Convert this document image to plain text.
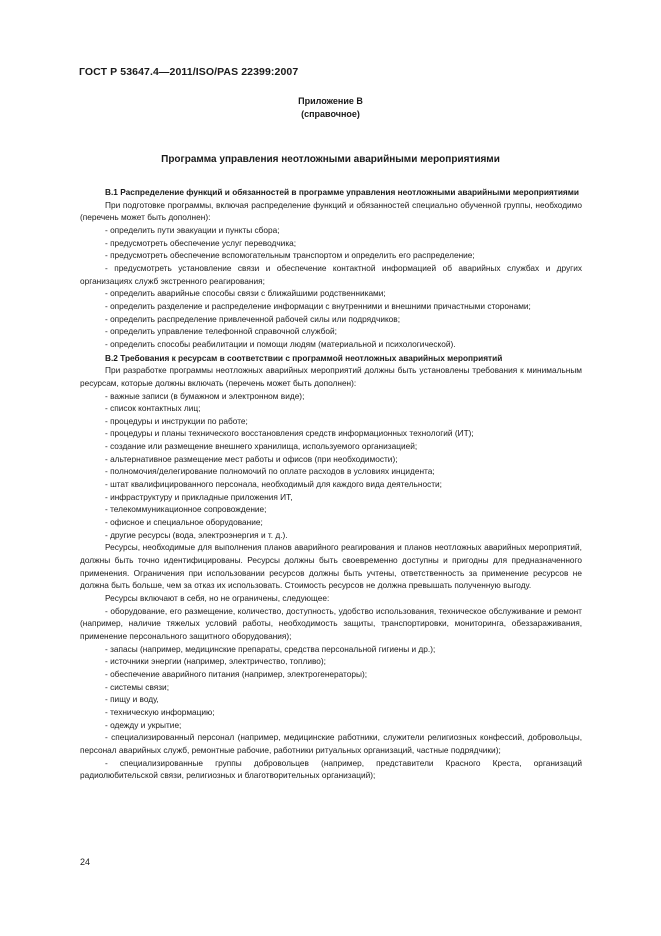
ГОСТ Р 53647.4—2011/ISO/PAS 22399:2007
Приложение В
(справочное)
Программа управления неотложными аварийными мероприятиями

В.1 Распределение функций и обязанностей в программе управления неотложными аварийными мероприятиями

При подготовке программы, включая распределение функций и обязанностей специально обученной группы, необходимо (перечень может быть дополнен):

- определить пути эвакуации и пункты сбора;

- предусмотреть обеспечение услуг переводчика;

- предусмотреть обеспечение вспомогательным транспортом и определить его распределение;

- предусмотреть установление связи и обеспечение контактной информацией об аварийных службах и других организациях служб экстренного реагирования;

- определить аварийные способы связи с ближайшими родственниками;

- определить разделение и распределение информации с внутренними и внешними причастными сторонами;

- определить распределение привлеченной рабочей силы или подрядчиков;

- определить управление телефонной справочной службой;

- определить способы реабилитации и помощи людям (материальной и психологической).

В.2 Требования к ресурсам в соответствии с программой неотложных аварийных мероприятий

При разработке программы неотложных аварийных мероприятий должны быть установлены требования к минимальным ресурсам, которые должны включать (перечень может быть дополнен):

- важные записи (в бумажном и электронном виде);

- список контактных лиц;

- процедуры и инструкции по работе;

- процедуры и планы технического восстановления средств информационных технологий (ИТ);

- создание или размещение внешнего хранилища, используемого организацией;

- альтернативное размещение мест работы и офисов (при необходимости);

- полномочия/делегирование полномочий по оплате расходов в условиях инцидента;

- штат квалифицированного персонала, необходимый для каждого вида деятельности;

- инфраструктуру и прикладные приложения ИТ,

- телекоммуникационное сопровождение;

- офисное и специальное оборудование;

- другие ресурсы (вода, электроэнергия и т. д.).

Ресурсы, необходимые для выполнения планов аварийного реагирования и планов неотложных аварийных мероприятий, должны быть точно идентифицированы. Ресурсы должны быть своевременно доступны и пригодны для предназначенного применения. Ограничения при использовании ресурсов должны быть учтены, ответственность за применение ресурсов не должна быть больше, чем за отказ их использовать. Стоимость ресурсов не должна превышать полученную выгоду.

Ресурсы включают в себя, но не ограничены, следующее:

- оборудование, его размещение, количество, доступность, удобство использования, техническое обслуживание и ремонт (например, наличие тяжелых условий работы, необходимость защиты, транспортировки, мониторинга, обеззараживания, применение персонального защитного оборудования);

- запасы (например, медицинские препараты, средства персональной гигиены и др.);

- источники энергии (например, электричество, топливо);

- обеспечение аварийного питания (например, электрогенераторы);

- системы связи;

- пищу и воду,

- техническую информацию;

- одежду и укрытие;

- специализированный персонал (например, медицинские работники, служители религиозных конфессий, добровольцы, персонал аварийных служб, ремонтные рабочие, работники ритуальных организаций, частные подрядчики);

- специализированные группы добровольцев (например, представители Красного Креста, организаций радиолюбительской связи, религиозных и благотворительных организаций);

24
